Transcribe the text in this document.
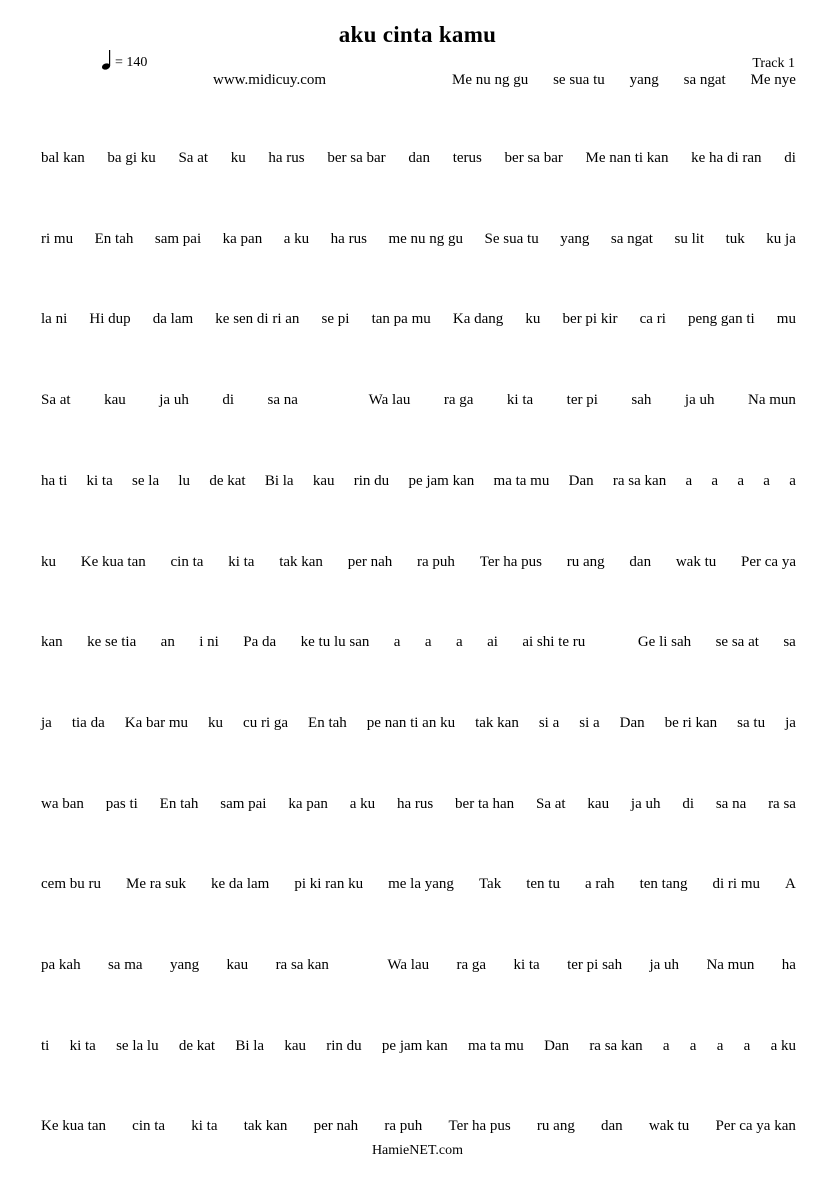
aku cinta kamu
= 140	Track 1
www.midicuy.com	Me nu ng gu se sua tu yang sa ngat Me nye
bal kan ba gi ku Sa at ku ha rus ber sa bar dan terus ber sa bar Me nan ti kan ke ha di ran di
ri mu En tah sam pai ka pan a ku ha rus me nu ng gu Se sua tu yang sa ngat su lit tuk ku ja
la ni Hi dup da lam ke sen di ri an se pi tan pa mu Ka dang ku ber pi kir ca ri peng gan ti mu
Sa at kau ja uh di sa na
	Wa lau ra ga ki ta ter pi sah ja uh Na mun
ha ti ki ta se la lu de kat Bi la kau rin du pe jam kan ma ta mu Dan ra sa kan a a a a a
ku Ke kua tan cin ta ki ta tak kan per nah ra puh Ter ha pus ru ang dan wak tu Per ca ya
kan ke se tia an i ni Pa da ke tu lu san a a a ai ai shi te ru
	Ge li sah se sa at sa
ja tia da Ka bar mu ku cu ri ga En tah pe nan ti an ku tak kan si a si a Dan be ri kan sa tu ja
wa ban pas ti En tah sam pai ka pan a ku ha rus ber ta han Sa at kau ja uh di sa na ra sa
cem bu ru Me ra suk ke da lam pi ki ran ku me la yang Tak ten tu a rah ten tang di ri mu A
pa kah sa ma yang kau ra sa kan
	Wa lau ra ga ki ta ter pi sah ja uh Na mun ha
ti ki ta se la lu de kat Bi la kau rin du pe jam kan ma ta mu Dan ra sa kan a a a a a ku
Ke kua tan cin ta ki ta tak kan per nah ra puh Ter ha pus ru ang dan wak tu Per ca ya kan
HamieNET.com
